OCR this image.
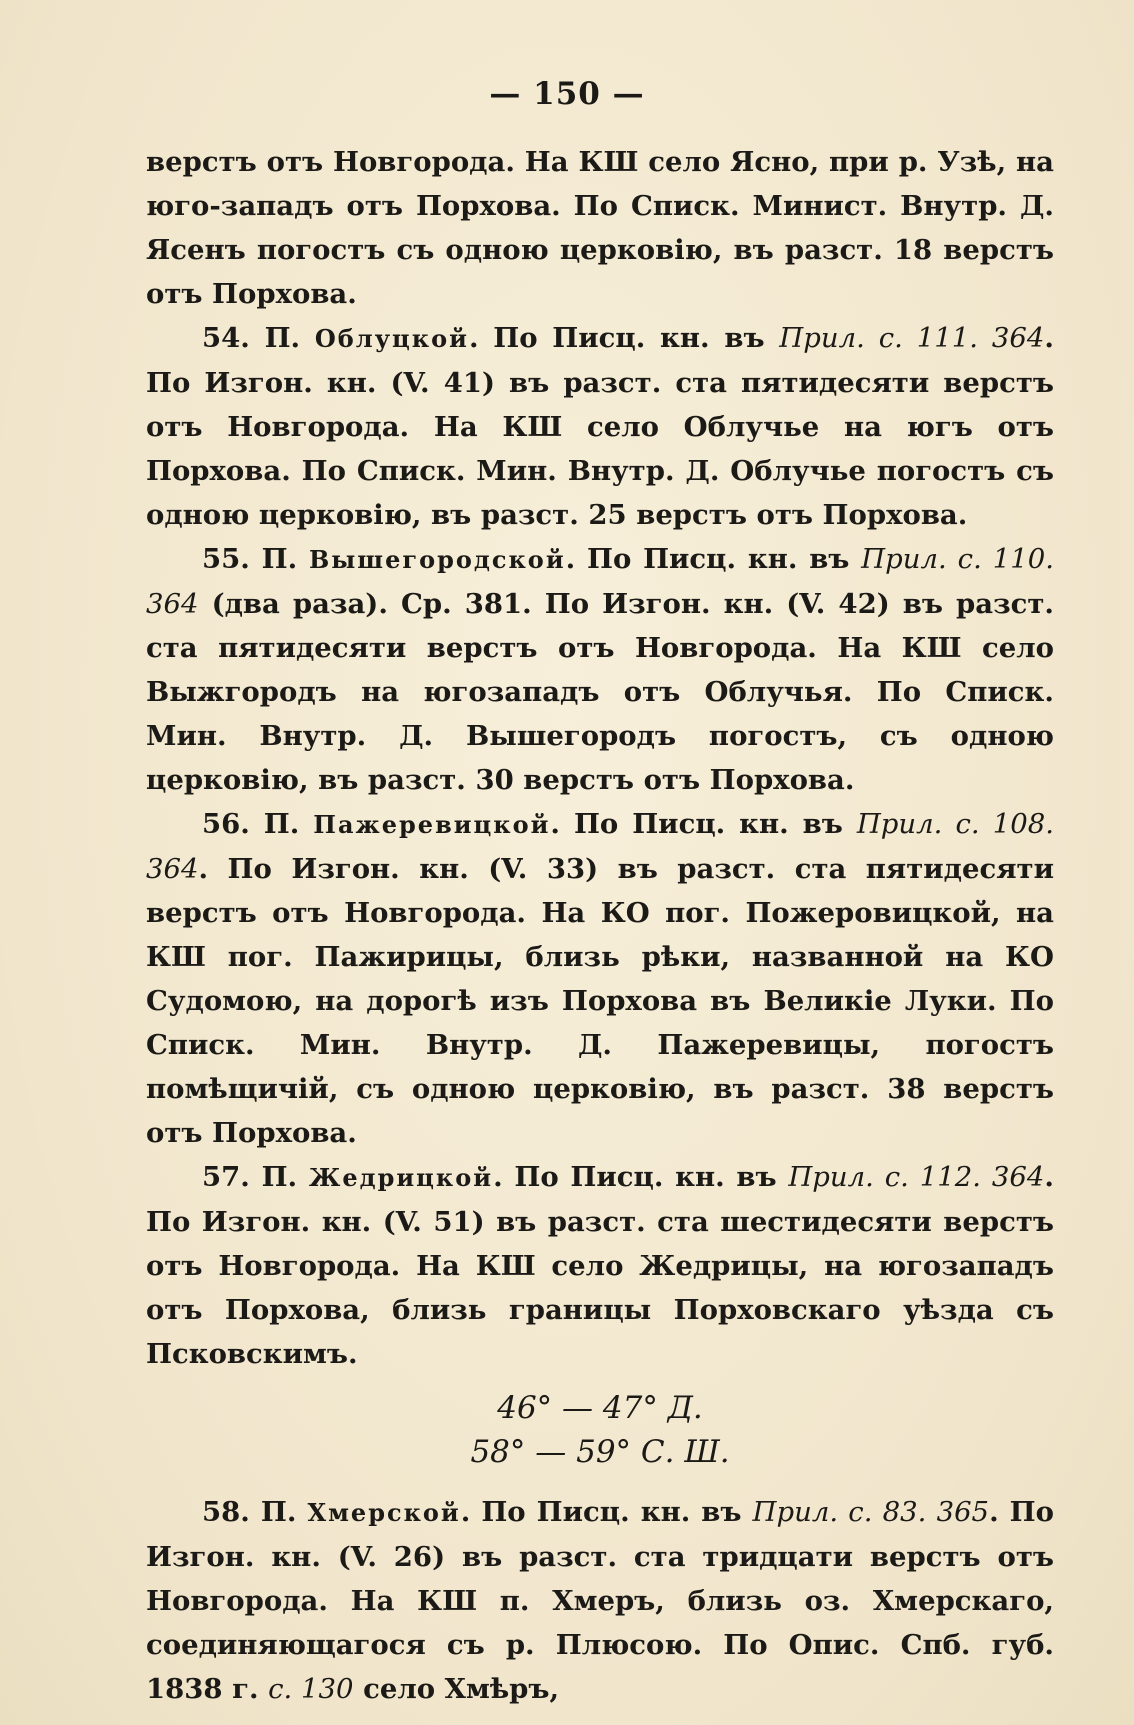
— 150 —

верстъ отъ Новгорода. На КШ село Ясно, при р. Узѣ, на юго-западъ отъ Порхова. По Списк. Минист. Внутр. Д. Ясенъ погостъ съ одною церковію, въ разст. 18 верстъ отъ Порхова.

54. П. Облуцкой. По Писц. кн. въ Прил. с. 111. 364. По Изгон. кн. (V. 41) въ разст. ста пятидесяти верстъ отъ Новгорода. На КШ село Облучье на югъ отъ Порхова. По Списк. Мин. Внутр. Д. Облучье погостъ съ одною церковію, въ разст. 25 верстъ отъ Порхова.

55. П. Вышегородской. По Писц. кн. въ Прил. с. 110. 364 (два раза). Ср. 381. По Изгон. кн. (V. 42) въ разст. ста пятидесяти верстъ отъ Новгорода. На КШ село Выжгородъ на югозападъ отъ Облучья. По Списк. Мин. Внутр. Д. Вышегородъ погостъ, съ одною церковію, въ разст. 30 верстъ отъ Порхова.

56. П. Пажеревицкой. По Писц. кн. въ Прил. с. 108. 364. По Изгон. кн. (V. 33) въ разст. ста пятидесяти верстъ отъ Новгорода. На КО пог. Пожеровицкой, на КШ пог. Пажирицы, близь рѣки, названной на КО Судомою, на дорогѣ изъ Порхова въ Великіе Луки. По Списк. Мин. Внутр. Д. Пажеревицы, погостъ помѣщичій, съ одною церковію, въ разст. 38 верстъ отъ Порхова.

57. П. Жедрицкой. По Писц. кн. въ Прил. с. 112. 364. По Изгон. кн. (V. 51) въ разст. ста шестидесяти верстъ отъ Новгорода. На КШ село Жедрицы, на югозападъ отъ Порхова, близь границы Порховскаго уѣзда съ Псковскимъ.

46° — 47° Д.
58° — 59° С. Ш.

58. П. Хмерской. По Писц. кн. въ Прил. с. 83. 365. По Изгон. кн. (V. 26) въ разст. ста тридцати верстъ отъ Новгорода. На КШ п. Хмеръ, близь оз. Хмерскаго, соединяющагося съ р. Плюсою. По Опис. Спб. губ. 1838 г. с. 130 село Хмѣръ,
